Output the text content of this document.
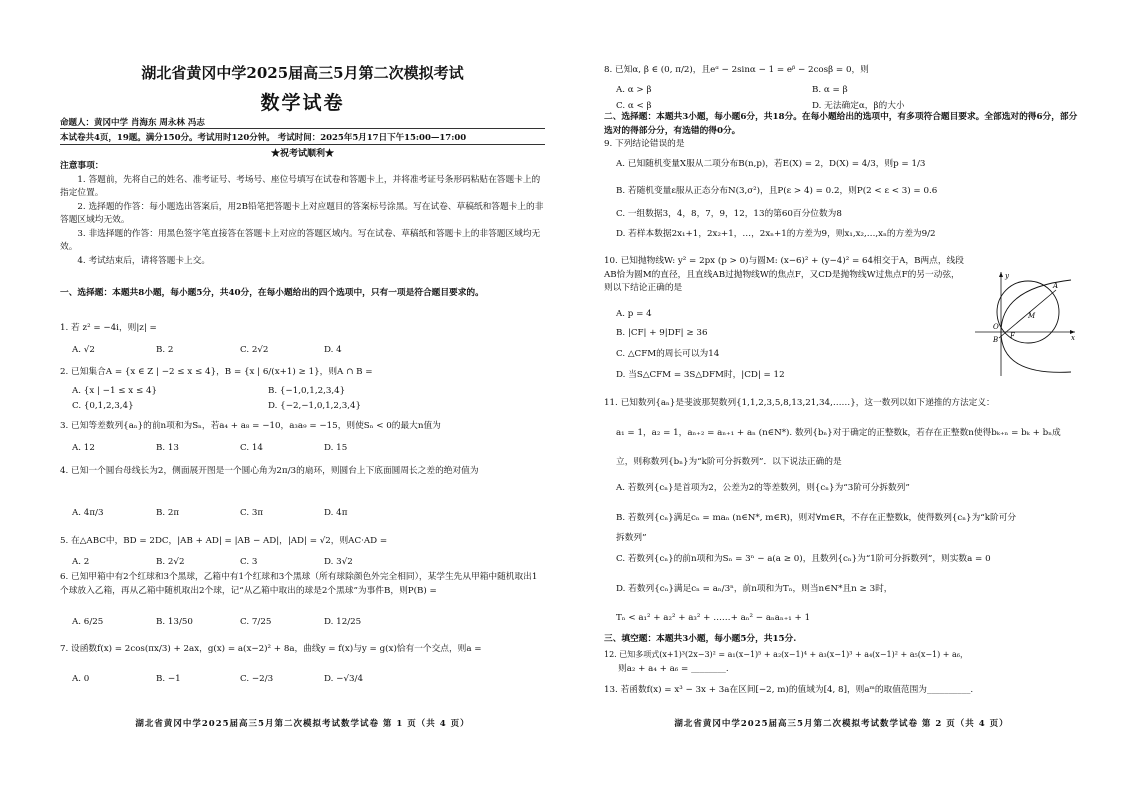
湖北省黄冈中学2025届高三5月第二次模拟考试
数学试卷
命题人：黄冈中学 肖海东 周永林 冯志
本试卷共4页，19题。满分150分。考试用时120分钟。 考试时间：2025年5月17日下午15:00—17:00
★祝考试顺利★

注意事项：

1. 答题前，先将自己的姓名、准考证号、考场号、座位号填写在试卷和答题卡上，并将准考证号条形码粘贴在答题卡上的指定位置。

2. 选择题的作答：每小题选出答案后，用2B铅笔把答题卡上对应题目的答案标号涂黑。写在试卷、草稿纸和答题卡上的非答题区域均无效。

3. 非选择题的作答：用黑色签字笔直接答在答题卡上对应的答题区域内。写在试卷、草稿纸和答题卡上的非答题区域均无效。

4. 考试结束后，请将答题卡上交。

一、选择题：本题共8小题，每小题5分，共40分，在每小题给出的四个选项中，只有一项是符合题目要求的。
1. 若 z² = −4i，则|z| =
A. √2	B. 2	C. 2√2	D. 4
2. 已知集合A = {x ∈ Z | −2 ≤ x ≤ 4}，B = {x | 6/(x+1) ≥ 1}，则A ∩ B =
A. {x | −1 ≤ x ≤ 4}	B. {−1,0,1,2,3,4}
C. {0,1,2,3,4}	D. {−2,−1,0,1,2,3,4}
3. 已知等差数列{aₙ}的前n项和为Sₙ，若a₄ + a₈ = −10，a₃a₉ = −15，则使Sₙ < 0的最大n值为
A. 12	B. 13	C. 14	D. 15
4. 已知一个圆台母线长为2，侧面展开图是一个圆心角为2π/3的扇环，则圆台上下底面圆周长之差的绝对值为
A. 4π/3	B. 2π	C. 3π	D. 4π
5. 在△ABC中，BD = 2DC，|AB + AD| = |AB − AD|，|AD| = √2，则AC·AD =
A. 2	B. 2√2	C. 3	D. 3√2
6. 已知甲箱中有2个红球和3个黑球，乙箱中有1个红球和3个黑球（所有球除颜色外完全相同），某学生先从甲箱中随机取出1个球放入乙箱，再从乙箱中随机取出2个球，记“从乙箱中取出的球是2个黑球”为事件B，则P(B) =
A. 6/25	B. 13/50	C. 7/25	D. 12/25
7. 设函数f(x) = 2cos(πx/3) + 2ax，g(x) = a(x−2)² + 8a，曲线y = f(x)与y = g(x)恰有一个交点，则a =
A. 0	B. −1	C. −2/3	D. −√3/4
湖北省黄冈中学2025届高三5月第二次模拟考试数学试卷 第 1 页（共 4 页）
8. 已知α, β ∈ (0, π/2)，且eᵅ − 2sinα − 1 = eᵝ − 2cosβ = 0，则
A. α > β	B. α = β
C. α < β	D. 无法确定α，β的大小
二、选择题：本题共3小题，每小题6分，共18分。在每小题给出的选项中，有多项符合题目要求。全部选对的得6分，部分选对的得部分分，有选错的得0分。
9. 下列结论错误的是
A. 已知随机变量X服从二项分布B(n,p)，若E(X) = 2，D(X) = 4/3，则p = 1/3
B. 若随机变量ε服从正态分布N(3,σ²)，且P(ε > 4) = 0.2，则P(2 < ε < 3) = 0.6
C. 一组数据3，4，8，7，9，12，13的第60百分位数为8
D. 若样本数据2x₁+1，2x₂+1，…，2xₙ+1的方差为9，则x₁,x₂,…,xₙ的方差为9/2
10. 已知抛物线W: y² = 2px (p > 0)与圆M: (x−6)² + (y−4)² = 64相交于A，B两点，线段AB恰为圆M的直径，且直线AB过抛物线W的焦点F，又CD是抛物线W过焦点F的另一动弦，则以下结论正确的是
A. p = 4
B. |CF| + 9|DF| ≥ 36
C. △CFM的周长可以为14
D. 当S△CFM = 3S△DFM时，|CD| = 12
y
A
M
O
F
B	x
11. 已知数列{aₙ}是斐波那契数列{1,1,2,3,5,8,13,21,34,……}，这一数列以如下递推的方法定义：
a₁ = 1，a₂ = 1，aₙ₊₂ = aₙ₊₁ + aₙ (n∈N*). 数列{bₙ}对于确定的正整数k，若存在正整数n使得bₖ₊ₙ = bₖ + bₙ成
立，则称数列{bₙ}为“k阶可分拆数列”．以下说法正确的是
A. 若数列{cₙ}是首项为2，公差为2的等差数列，则{cₙ}为“3阶可分拆数列”
B. 若数列{cₙ}满足cₙ = maₙ (n∈N*, m∈R)，则对∀m∈R，不存在正整数k，使得数列{cₙ}为“k阶可分
拆数列”
C. 若数列{cₙ}的前n项和为Sₙ = 3ⁿ − a(a ≥ 0)，且数列{cₙ}为“1阶可分拆数列”，则实数a = 0
D. 若数列{cₙ}满足cₙ = aₙ/3ⁿ，前n项和为Tₙ，则当n∈N*且n ≥ 3时，
Tₙ < a₁² + a₂² + a₃² + ……+ aₙ² − aₙaₙ₊₁ + 1
三、填空题：本题共3小题，每小题5分，共15分.
12. 已知多项式(x+1)³(2x−3)² = a₁(x−1)⁵ + a₂(x−1)⁴ + a₃(x−1)³ + a₄(x−1)² + a₅(x−1) + a₆，
则a₂ + a₄ + a₆ = ________.
13. 若函数f(x) = x³ − 3x + 3a在区间[−2, m)的值域为[4, 8]，则aᵐ的取值范围为__________.
湖北省黄冈中学2025届高三5月第二次模拟考试数学试卷 第 2 页（共 4 页）
